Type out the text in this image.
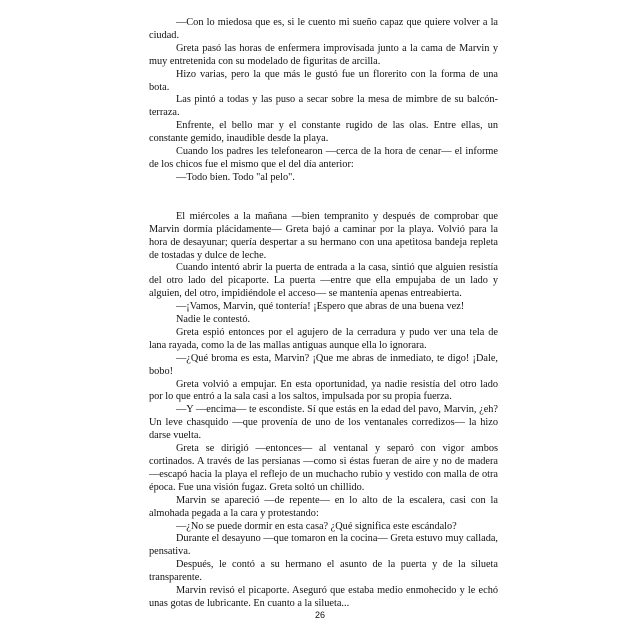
—Con lo miedosa que es, si le cuento mi sueño capaz que quiere volver a la ciudad.

Greta pasó las horas de enfermera improvisada junto a la cama de Marvin y muy entretenida con su modelado de figuritas de arcilla.

Hizo varias, pero la que más le gustó fue un florerito con la forma de una bota.

Las pintó a todas y las puso a secar sobre la mesa de mimbre de su balcón-terraza.

Enfrente, el bello mar y el constante rugido de las olas. Entre ellas, un constante gemido, inaudible desde la playa.

Cuando los padres les telefonearon —cerca de la hora de cenar— el informe de los chicos fue el mismo que el del día anterior:

—Todo bien. Todo "al pelo".

El miércoles a la mañana —bien tempranito y después de comprobar que Marvin dormía plácidamente— Greta bajó a caminar por la playa. Volvió para la hora de desayunar; quería despertar a su hermano con una apetitosa bandeja repleta de tostadas y dulce de leche.

Cuando intentó abrir la puerta de entrada a la casa, sintió que alguien resistía del otro lado del picaporte. La puerta —entre que ella empujaba de un lado y alguien, del otro, impidiéndole el acceso— se mantenía apenas entreabierta.

—¡Vamos, Marvin, qué tontería! ¡Espero que abras de una buena vez!

Nadie le contestó.

Greta espió entonces por el agujero de la cerradura y pudo ver una tela de lana rayada, como la de las mallas antiguas aunque ella lo ignorara.

—¿Qué broma es esta, Marvin? ¡Que me abras de inmediato, te digo! ¡Dale, bobo!

Greta volvió a empujar. En esta oportunidad, ya nadie resistía del otro lado por lo que entró a la sala casi a los saltos, impulsada por su propia fuerza.

—Y —encima— te escondiste. Sí que estás en la edad del pavo, Marvin, ¿eh? Un leve chasquido —que provenía de uno de los ventanales corredizos— la hizo darse vuelta.

Greta se dirigió —entonces— al ventanal y separó con vigor ambos cortinados. A través de las persianas —como si éstas fueran de aire y no de madera—escapó hacia la playa el reflejo de un muchacho rubio y vestido con malla de otra época. Fue una visión fugaz. Greta soltó un chillido.

Marvin se apareció —de repente— en lo alto de la escalera, casi con la almohada pegada a la cara y protestando:

—¿No se puede dormir en esta casa? ¿Qué significa este escándalo?

Durante el desayuno —que tomaron en la cocina— Greta estuvo muy callada, pensativa.

Después, le contó a su hermano el asunto de la puerta y de la silueta transparente.

Marvin revisó el picaporte. Aseguró que estaba medio enmohecido y le echó unas gotas de lubricante. En cuanto a la silueta...

26
